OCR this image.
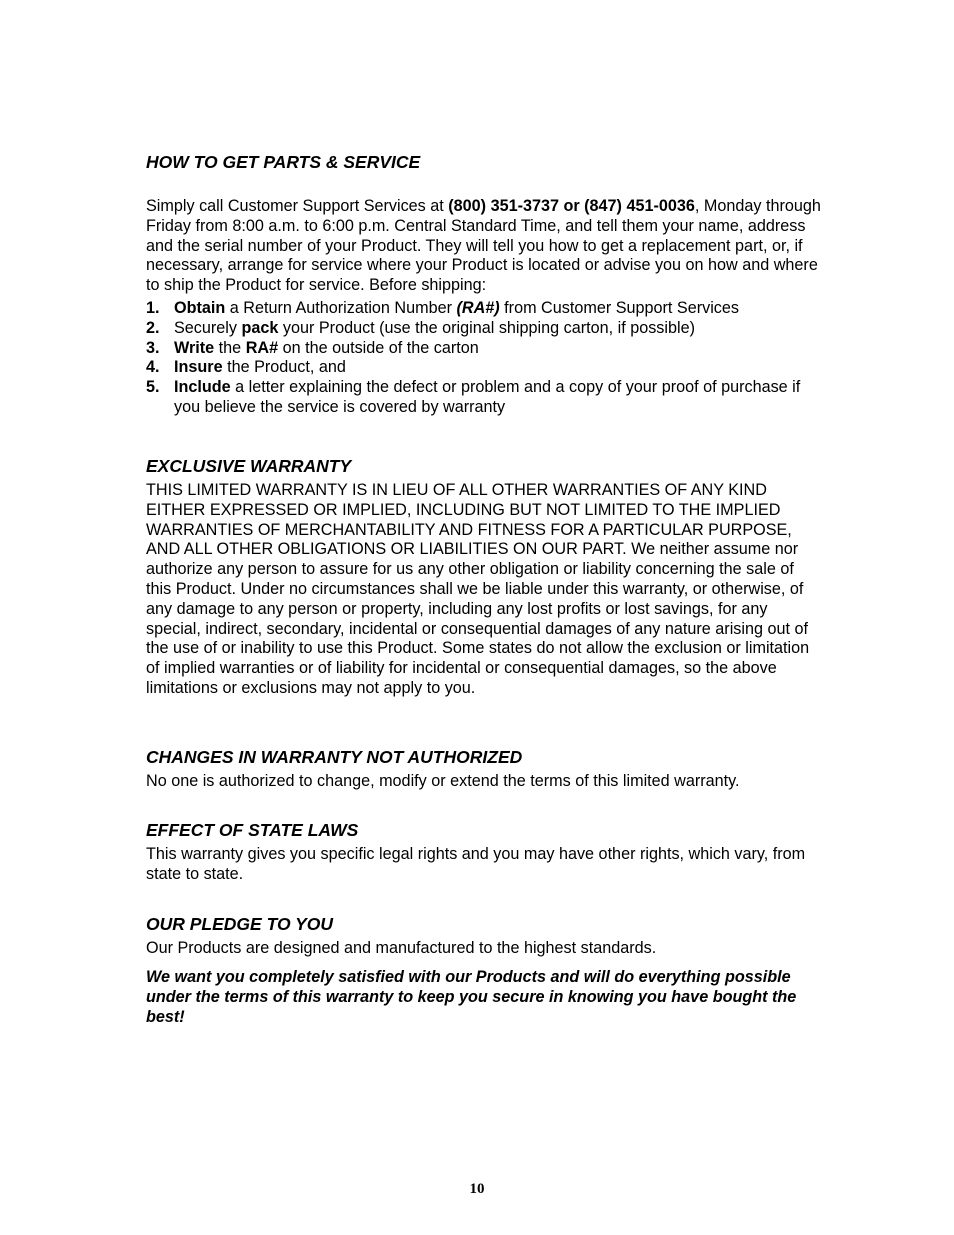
HOW TO GET PARTS & SERVICE

Simply call Customer Support Services at (800) 351-3737 or (847) 451-0036, Monday through Friday from 8:00 a.m. to 6:00 p.m. Central Standard Time, and tell them your name, address and the serial number of your Product. They will tell you how to get a replacement part, or, if necessary, arrange for service where your Product is located or advise you on how and where to ship the Product for service. Before shipping:

1. Obtain a Return Authorization Number (RA#) from Customer Support Services
2. Securely pack your Product (use the original shipping carton, if possible)
3. Write the RA# on the outside of the carton
4. Insure the Product, and
5. Include a letter explaining the defect or problem and a copy of your proof of purchase if you believe the service is covered by warranty
EXCLUSIVE WARRANTY

THIS LIMITED WARRANTY IS IN LIEU OF ALL OTHER WARRANTIES OF ANY KIND EITHER EXPRESSED OR IMPLIED, INCLUDING BUT NOT LIMITED TO THE IMPLIED WARRANTIES OF MERCHANTABILITY AND FITNESS FOR A PARTICULAR PURPOSE, AND ALL OTHER OBLIGATIONS OR LIABILITIES ON OUR PART. We neither assume nor authorize any person to assure for us any other obligation or liability concerning the sale of this Product. Under no circumstances shall we be liable under this warranty, or otherwise, of any damage to any person or property, including any lost profits or lost savings, for any special, indirect, secondary, incidental or consequential damages of any nature arising out of the use of or inability to use this Product. Some states do not allow the exclusion or limitation of implied warranties or of liability for incidental or consequential damages, so the above limitations or exclusions may not apply to you.

CHANGES IN WARRANTY NOT AUTHORIZED

No one is authorized to change, modify or extend the terms of this limited warranty.

EFFECT OF STATE LAWS

This warranty gives you specific legal rights and you may have other rights, which vary, from state to state.

OUR PLEDGE TO YOU

Our Products are designed and manufactured to the highest standards.

We want you completely satisfied with our Products and will do everything possible under the terms of this warranty to keep you secure in knowing you have bought the best!

10
